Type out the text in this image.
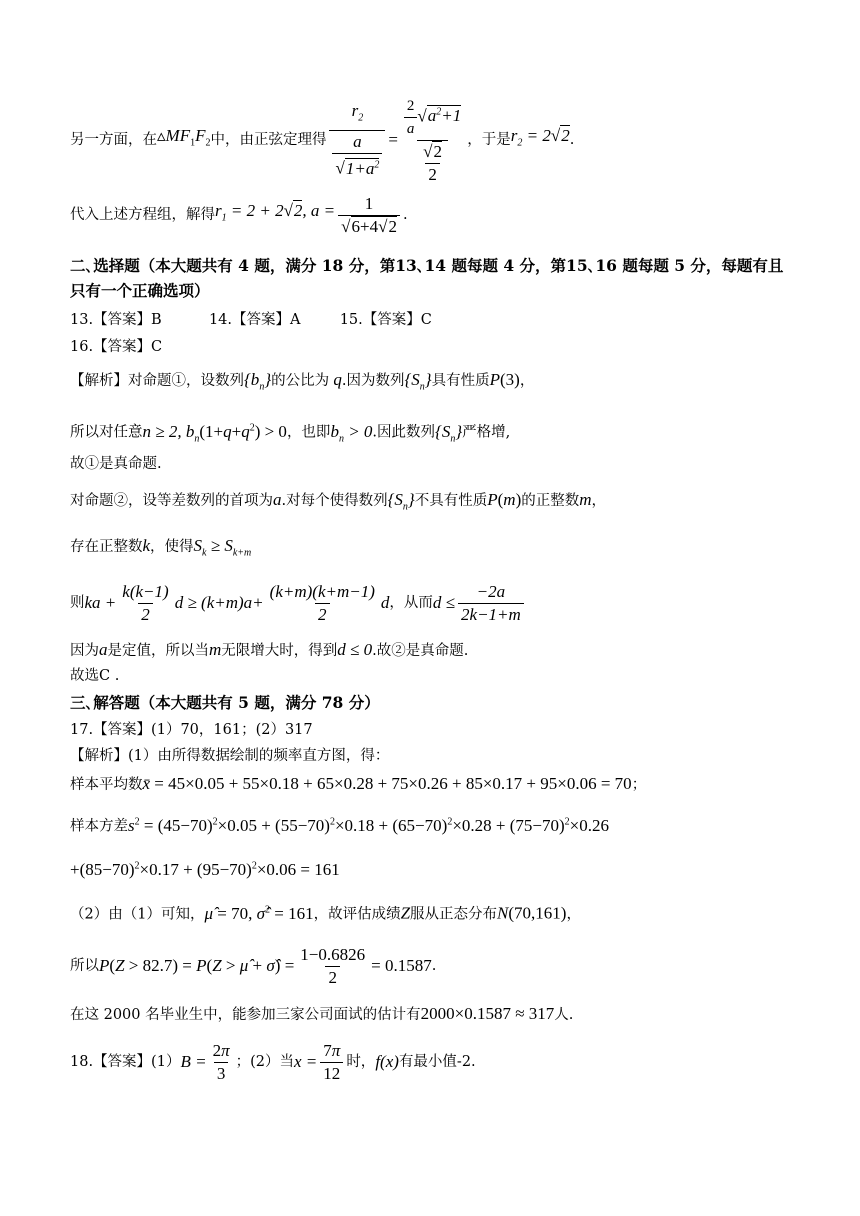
另一方面，在 $▵MF_1F_2$ 中，由正弦定理得 $\frac{r_2}{\frac{a}{√1+a^2}} = \frac{\frac{2}{a} √a^2+1}{\frac{√2}{2}}$ ，于是 $r_2 = 2√2$ .
代入上述方程组，解得 $r_1 = 2 + 2√2$, $a = \frac{1}{√6+4√2}$ .
二､选择题（本大题共有 4 题，满分 18 分，第13､14 题每题 4 分，第15､16 题每题 5 分，每题有且
只有一个正确选项）
13.【答案】B	14.【答案】A	15.【答案】C
16.【答案】C
【解析】对命题①，设数列$\{b_n\}$的公比为 q.因为数列$\{S_n\}$具有性质P(3)，
所以对任意n ≥ 2, $b_n(1+q+q^2) > 0$，也即$b_n > 0$.因此数列$\{S_n\}$严格增,
故①是真命题.
对命题②，设等差数列的首项为a.对每个使得数列$\{S_n\}$不具有性质P(m)的正整数m，
存在正整数k，使得$S_k \ge S_{k+m}$
则 ka + $\frac{k(k-1)}{2}$ $d \ge (k+m)a+ \frac{(k+m)(k+m-1)}{2}$ d ，从而 $d \le \frac{-2a}{2k-1+m}$
因为a是定值，所以当m无限增大时，得到d ≤ 0.故②是真命题.
故选C .
三､解答题（本大题共有 5 题，满分 78 分）
17.【答案】(1）70，161；(2）317
【解析】(1）由所得数据绘制的频率直方图，得：
样本平均数x̄ = 45×0.05 + 55×0.18 + 65×0.28 + 75×0.26 + 85×0.17 + 95×0.06 = 70；
样本方差$s^2 = (45-70)^2\times 0.05 + (55-70)^2\times 0.18 + (65-70)^2\times 0.28 + (75-70)^2\times 0.26$
$+(85-70)^2\times 0.17 + (95-70)^2\times 0.06 = 161$
（2）由（1）可知，μ̂ = 70, σ̂$^2$ = 161，故评估成绩Z服从正态分布N(70,161)，
所以 P(Z > 82.7) = P(Z > μ̂ + σ̂) = $\frac{1-0.6826}{2} = 0.1587$ .
在这 2000 名毕业生中，能参加三家公司面试的估计有2000×0.1587 ≈ 317人.
18.【答案】(1） $B = \frac{2\pi}{3}$ ；(2）当 $x = \frac{7\pi}{12}$ 时， f(x) 有最小值-2.
